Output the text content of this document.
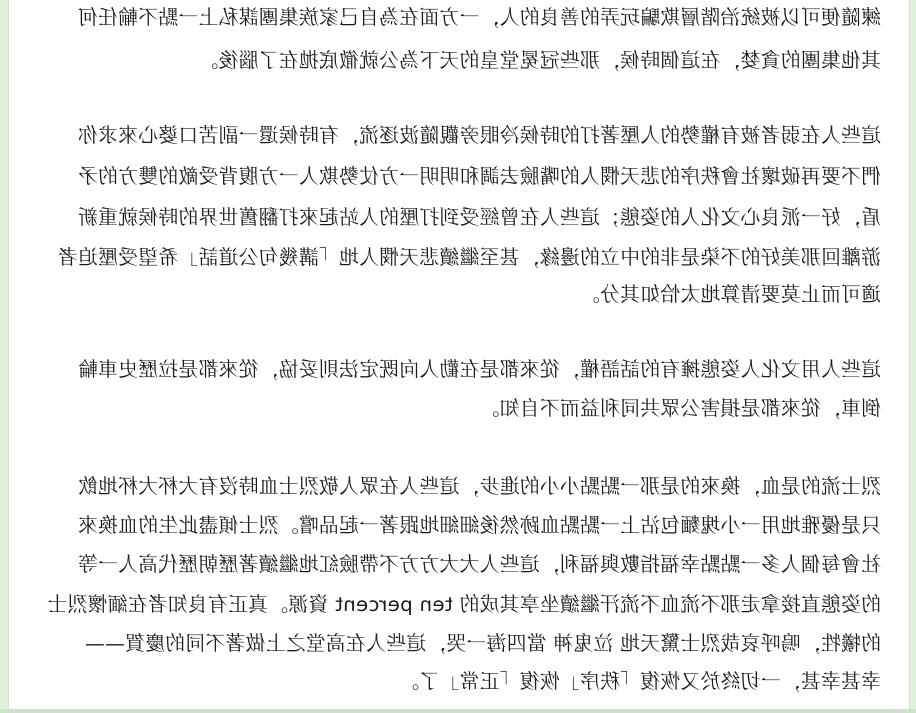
練隨便可以被統治階層欺騙玩弄的善良的人，一方面在為自己家族集團謀私上一點不輸任何
其他集團的貪婪，在這個時候，那些冠冕堂皇的天下為公就徹底拋在了腦後。
這些人在弱者被有權勢的人壓著打的時候冷眼旁觀隨波逐流，有時候還一副苦口婆心來求你
們不要再破壞社會秩序的悲天憫人的嘴臉去調和明明一方仗勢欺人一方腹背受敵的雙方的矛
盾，好一派良心文化人的姿態；這些人在曾經受到打壓的人站起來打翻舊世界的時候就重新
游離回那美好的不染是非的中立的邊緣，甚至繼續悲天憫人地「講幾句公道話」希望受壓迫者
適可而止莫要清算地太恰如其分。
這些人用文化人姿態擁有的話語權，從來都是在勸人向既定法則妥協，從來都是拉歷史車輪
倒車，從來都是損害公眾共同利益而不自知。
烈士流的是血，換來的是那一點點小小的進步，這些人在眾人敬烈士血時沒有大杯大杯地飲
只是優雅地用一小塊麵包沾上一點點血跡然後細細地跟著一起品嚐。烈士傾盡此生的血換來
社會每個人多一點點幸福指數與福利，這些人大大方方不帶臉紅地繼續著歷朝歷代高人一等
的姿態直接拿走那不流血不流汗繼續坐享其成的 ten percent 資源。真正有良知者在緬懷烈士
的犧牲，嗚呼哀哉烈士驚天地 泣鬼神 當四海一哭，這些人在高堂之上做著不同的慶賀——
幸甚幸甚，一切終於又恢復「秩序」恢復「正常」了。
